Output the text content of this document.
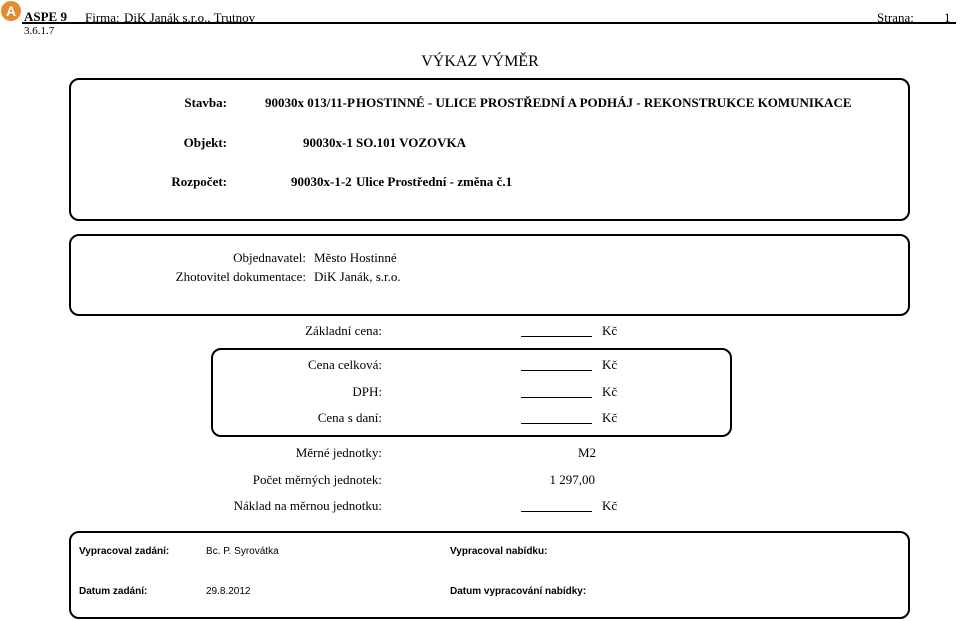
A ASPE 9
3.6.1.7
Firma: DiK Janák s.r.o., Trutnov	Strana: 1
VÝKAZ VÝMĚR
Stavba:	90030x 013/11-P HOSTINNÉ - ULICE PROSTŘEDNÍ A PODHÁJ - REKONSTRUKCE KOMUNIKACE
Objekt:	90030x-1 SO.101 VOZOVKA
Rozpočet:	90030x-1-2 Ulice Prostřední - změna č.1
Objednavatel: Město Hostinné
Zhotovitel dokumentace: DiK Janák, s.r.o.
Základní cena:	Kč
Cena celková:	Kč
DPH:	Kč
Cena s daní:	Kč
Měrné jednotky:	M2
Počet měrných jednotek:	1 297,00
Náklad na měrnou jednotku:	Kč
Vypracoval zadání:	Bc. P. Syrovátka	Vypracoval nabídku:
Datum zadání:	29.8.2012	Datum vypracování nabídky:
